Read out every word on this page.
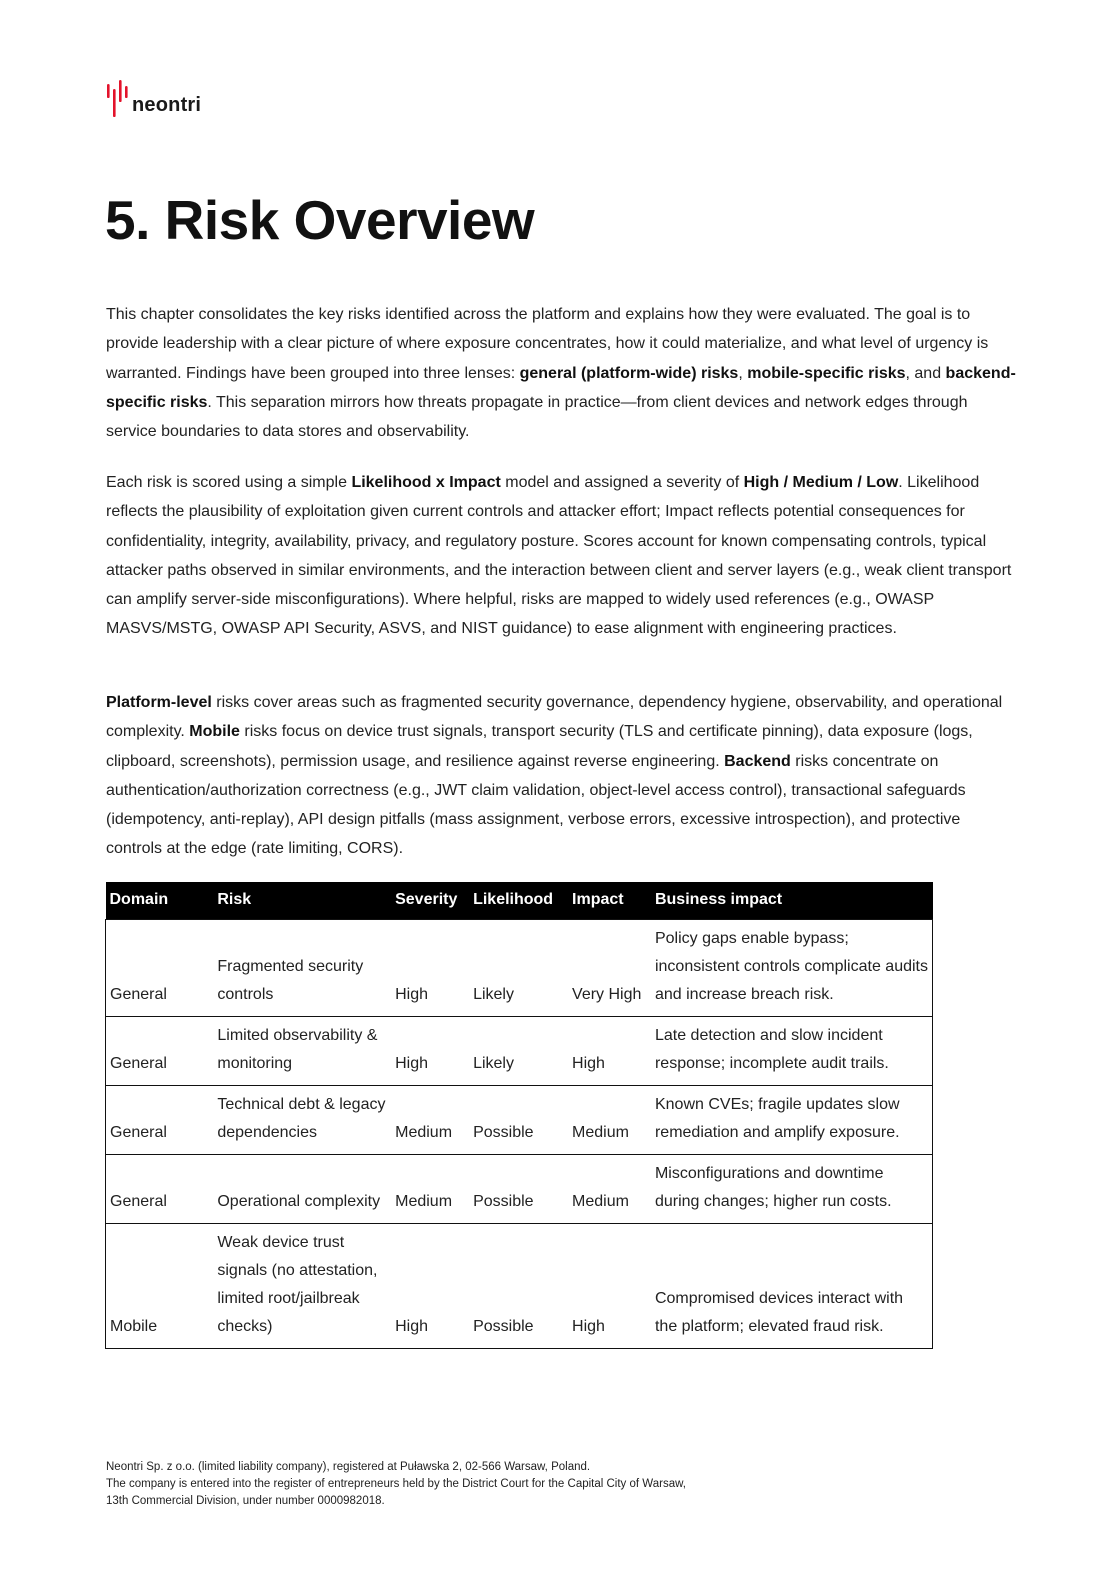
neontri
5. Risk Overview

This chapter consolidates the key risks identified across the platform and explains how they were evaluated. The goal is to provide leadership with a clear picture of where exposure concentrates, how it could materialize, and what level of urgency is warranted. Findings have been grouped into three lenses: general (platform-wide) risks, mobile-specific risks, and backend-specific risks. This separation mirrors how threats propagate in practice—from client devices and network edges through service boundaries to data stores and observability.

Each risk is scored using a simple Likelihood x Impact model and assigned a severity of High / Medium / Low. Likelihood reflects the plausibility of exploitation given current controls and attacker effort; Impact reflects potential consequences for confidentiality, integrity, availability, privacy, and regulatory posture. Scores account for known compensating controls, typical attacker paths observed in similar environments, and the interaction between client and server layers (e.g., weak client transport can amplify server-side misconfigurations). Where helpful, risks are mapped to widely used references (e.g., OWASP MASVS/MSTG, OWASP API Security, ASVS, and NIST guidance) to ease alignment with engineering practices.

Platform-level risks cover areas such as fragmented security governance, dependency hygiene, observability, and operational complexity. Mobile risks focus on device trust signals, transport security (TLS and certificate pinning), data exposure (logs, clipboard, screenshots), permission usage, and resilience against reverse engineering. Backend risks concentrate on authentication/authorization correctness (e.g., JWT claim validation, object-level access control), transactional safeguards (idempotency, anti-replay), API design pitfalls (mass assignment, verbose errors, excessive introspection), and protective controls at the edge (rate limiting, CORS).

Domain	Risk	Severity	Likelihood	Impact	Business impact
General	Fragmented security controls	High	Likely	Very High	Policy gaps enable bypass; inconsistent controls complicate audits and increase breach risk.
General	Limited observability & monitoring	High	Likely	High	Late detection and slow incident response; incomplete audit trails.
General	Technical debt & legacy dependencies	Medium	Possible	Medium	Known CVEs; fragile updates slow remediation and amplify exposure.
General	Operational complexity	Medium	Possible	Medium	Misconfigurations and downtime during changes; higher run costs.
Mobile	Weak device trust signals (no attestation, limited root/jailbreak checks)	High	Possible	High	Compromised devices interact with the platform; elevated fraud risk.
Neontri Sp. z o.o. (limited liability company), registered at Puławska 2, 02-566 Warsaw, Poland.
The company is entered into the register of entrepreneurs held by the District Court for the Capital City of Warsaw,
13th Commercial Division, under number 0000982018.
